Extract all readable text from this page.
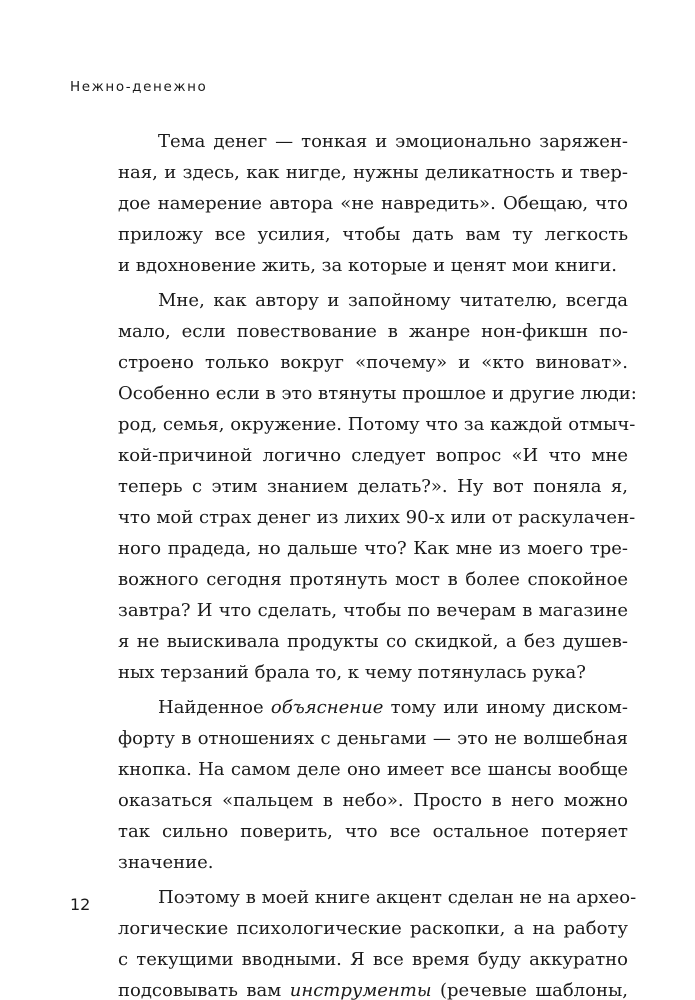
Нежно-денежно
Тема денег — тонкая и эмоционально заряжен-
ная, и здесь, как нигде, нужны деликатность и твер-
дое намерение автора «не навредить». Обещаю, что
приложу все усилия, чтобы дать вам ту легкость
и вдохновение жить, за которые и ценят мои книги.
Мне, как автору и запойному читателю, всегда
мало, если повествование в жанре нон-фикшн по-
строено только вокруг «почему» и «кто виноват».
Особенно если в это втянуты прошлое и другие люди:
род, семья, окружение. Потому что за каждой отмыч-
кой-причиной логично следует вопрос «И что мне
теперь с этим знанием делать?». Ну вот поняла я,
что мой страх денег из лихих 90-х или от раскулачен-
ного прадеда, но дальше что? Как мне из моего тре-
вожного сегодня протянуть мост в более спокойное
завтра? И что сделать, чтобы по вечерам в магазине
я не выискивала продукты со скидкой, а без душев-
ных терзаний брала то, к чему потянулась рука?
Найденное объяснение тому или иному диском-
форту в отношениях с деньгами — это не волшебная
кнопка. На самом деле оно имеет все шансы вообще
оказаться «пальцем в небо». Просто в него можно
так сильно поверить, что все остальное потеряет
значение.
Поэтому в моей книге акцент сделан не на архео-
логические психологические раскопки, а на работу
с текущими вводными. Я все время буду аккуратно
подсовывать вам инструменты (речевые шаблоны,
12
